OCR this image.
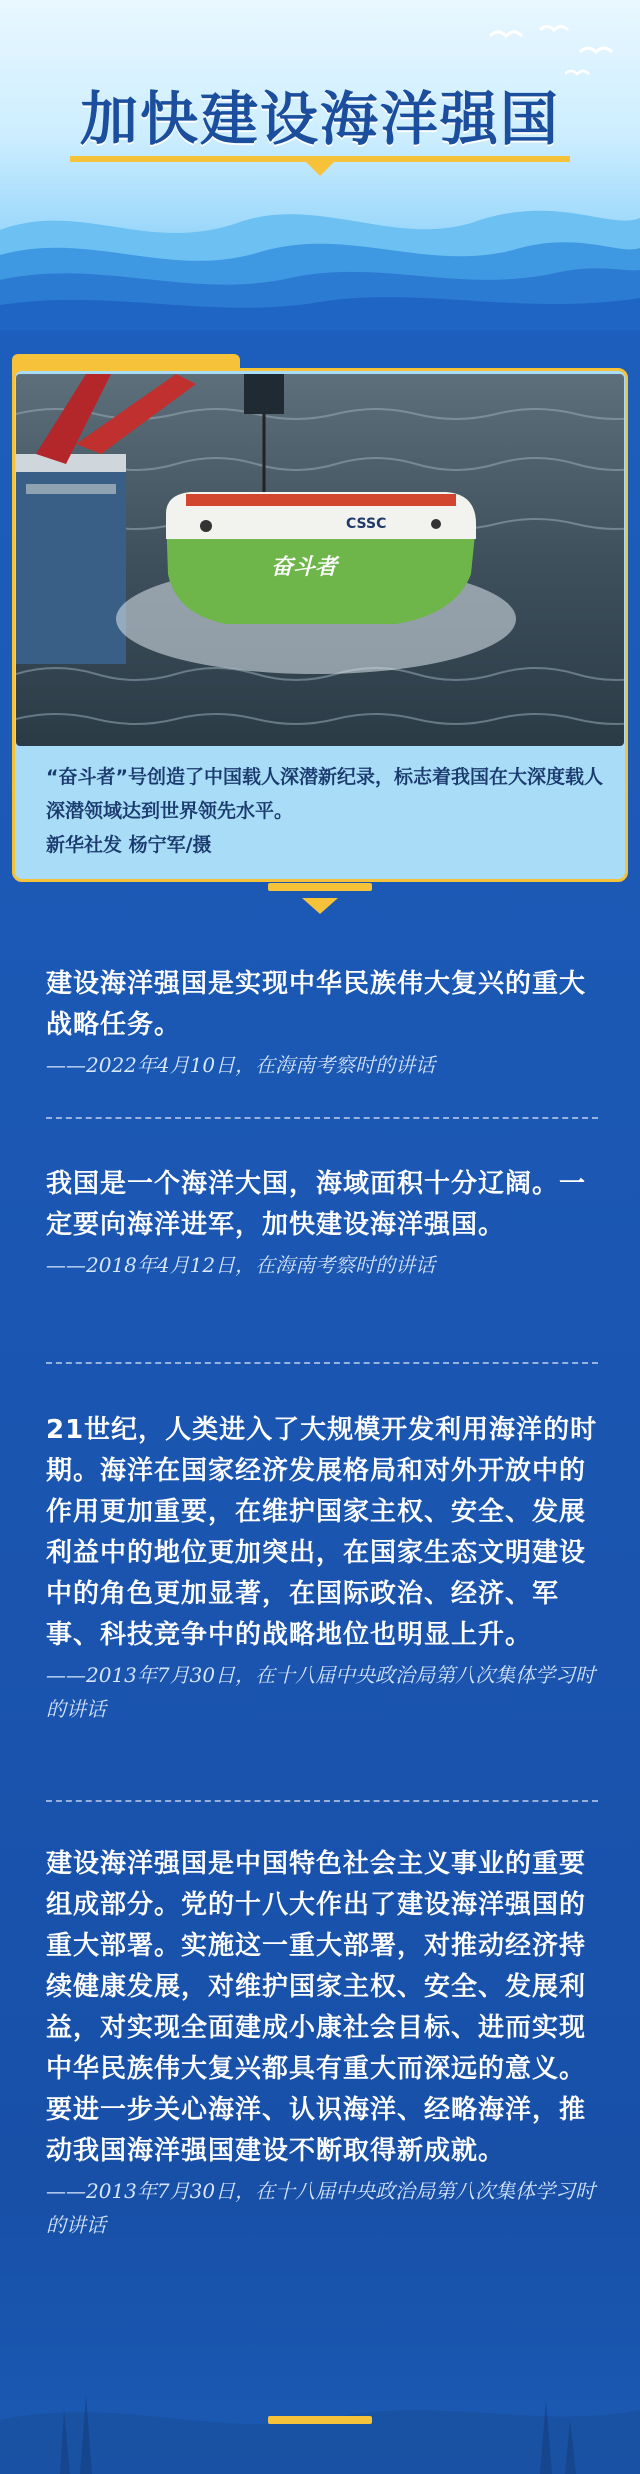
加快建设海洋强国
CSSC
奋斗者
“奋斗者”号创造了中国载人深潜新纪录，标志着我国在大深度载人深潜领域达到世界领先水平。
新华社发 杨宁军/摄
建设海洋强国是实现中华民族伟大复兴的重大战略任务。
——2022年4月10日，在海南考察时的讲话
我国是一个海洋大国，海域面积十分辽阔。一定要向海洋进军，加快建设海洋强国。
——2018年4月12日，在海南考察时的讲话
21世纪，人类进入了大规模开发利用海洋的时期。海洋在国家经济发展格局和对外开放中的作用更加重要，在维护国家主权、安全、发展利益中的地位更加突出，在国家生态文明建设中的角色更加显著，在国际政治、经济、军事、科技竞争中的战略地位也明显上升。
——2013年7月30日，在十八届中央政治局第八次集体学习时的讲话
建设海洋强国是中国特色社会主义事业的重要组成部分。党的十八大作出了建设海洋强国的重大部署。实施这一重大部署，对推动经济持续健康发展，对维护国家主权、安全、发展利益，对实现全面建成小康社会目标、进而实现中华民族伟大复兴都具有重大而深远的意义。要进一步关心海洋、认识海洋、经略海洋，推动我国海洋强国建设不断取得新成就。
——2013年7月30日，在十八届中央政治局第八次集体学习时的讲话
